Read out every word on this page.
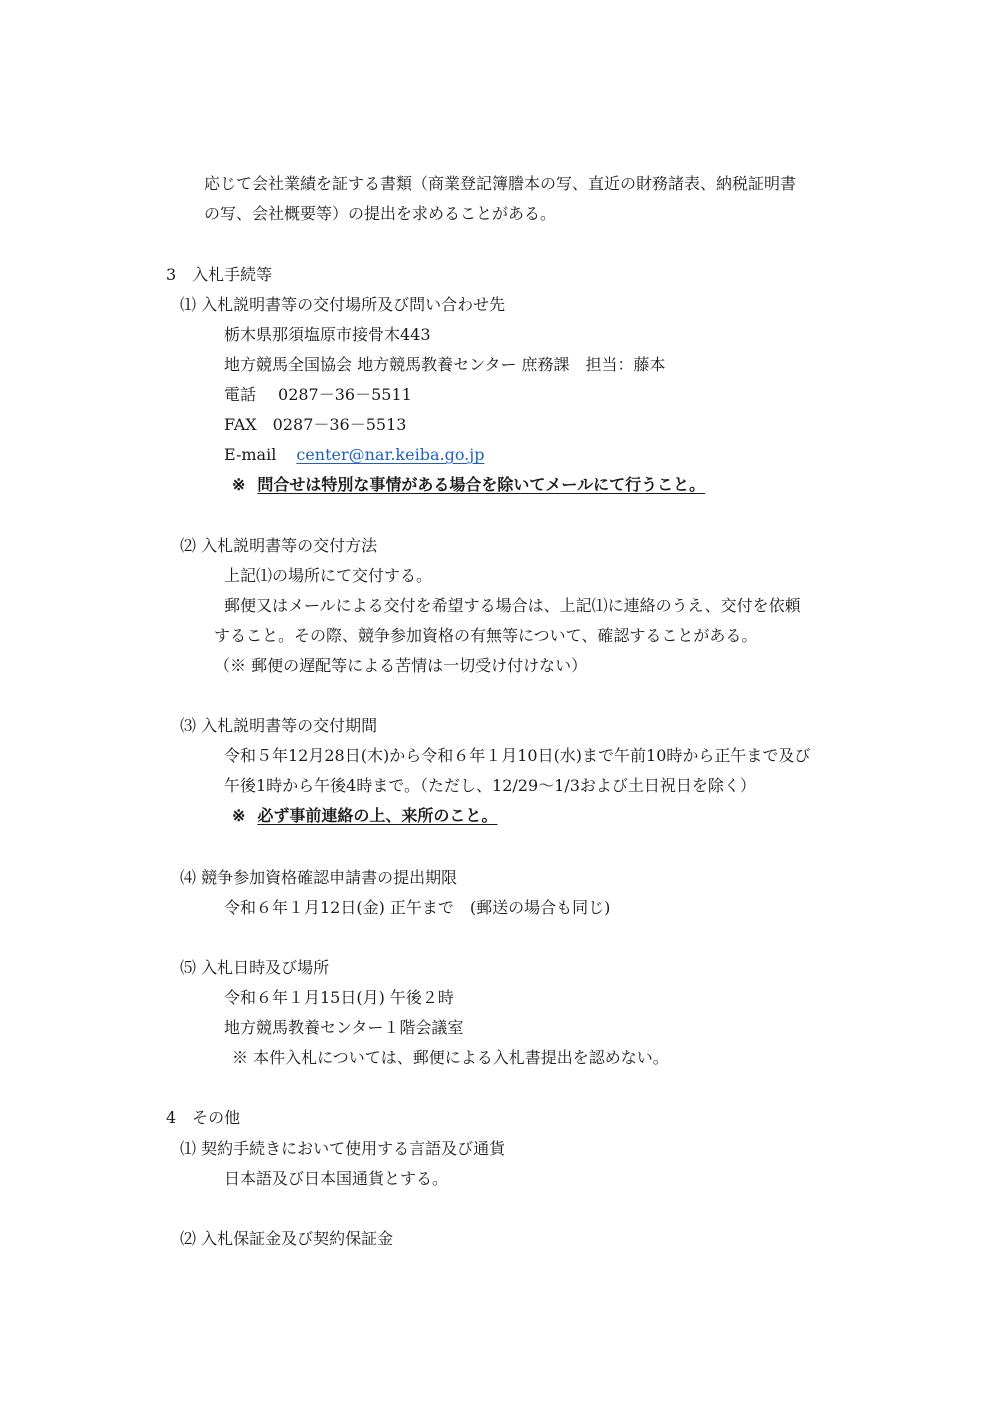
応じて会社業績を証する書類（商業登記簿謄本の写、直近の財務諸表、納税証明書
の写、会社概要等）の提出を求めることがある。
3　入札手続等
⑴ 入札説明書等の交付場所及び問い合わせ先
栃木県那須塩原市接骨木443
地方競馬全国協会 地方競馬教養センター 庶務課　担当：藤本
電話 0287－36－5511
FAX 0287－36－5513
E-mail center@nar.keiba.go.jp
※ 問合せは特別な事情がある場合を除いてメールにて行うこと。
⑵ 入札説明書等の交付方法
上記⑴の場所にて交付する。
郵便又はメールによる交付を希望する場合は、上記⑴に連絡のうえ、交付を依頼
すること。その際、競争参加資格の有無等について、確認することがある。
（※ 郵便の遅配等による苦情は一切受け付けない）
⑶ 入札説明書等の交付期間
令和５年12月28日(木)から令和６年１月10日(水)まで午前10時から正午まで及び
午後1時から午後4時まで。（ただし、12/29～1/3および土日祝日を除く）
※ 必ず事前連絡の上、来所のこと。
⑷ 競争参加資格確認申請書の提出期限
令和６年１月12日(金) 正午まで　(郵送の場合も同じ)
⑸ 入札日時及び場所
令和６年１月15日(月) 午後２時
地方競馬教養センター１階会議室
※ 本件入札については、郵便による入札書提出を認めない。
4　その他
⑴ 契約手続きにおいて使用する言語及び通貨
日本語及び日本国通貨とする。
⑵ 入札保証金及び契約保証金
